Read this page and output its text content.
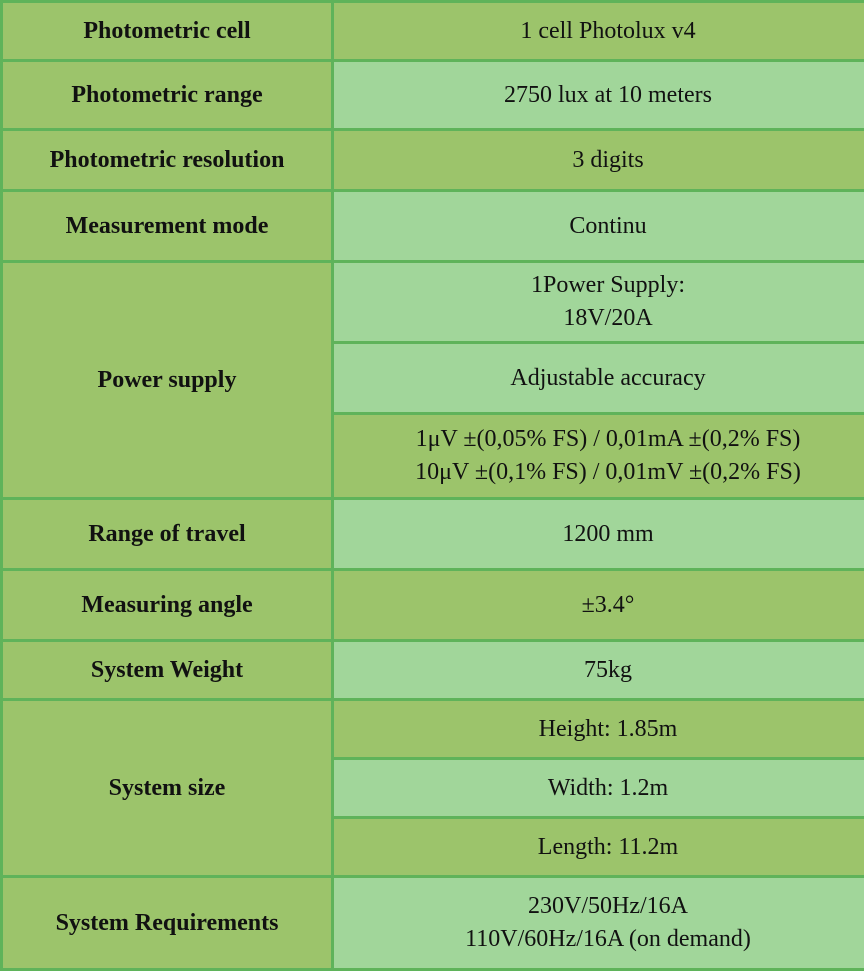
Photometric cell	1 cell Photolux v4
Photometric range	2750 lux at 10 meters
Photometric resolution	3 digits
Measurement mode	Continu
Power supply	1Power Supply:
18V/20A

	Adjustable accuracy

	1μV ±(0,05% FS) / 0,01mA ±(0,2% FS)
10μV ±(0,1% FS) / 0,01mV ±(0,2% FS)

Range of travel	1200 mm
Measuring angle	±3.4°
System Weight	75kg
System size	Height: 1.85m
	Width: 1.2m
	Length: 11.2m
System Requirements	230V/50Hz/16A
110V/60Hz/16A (on demand)
